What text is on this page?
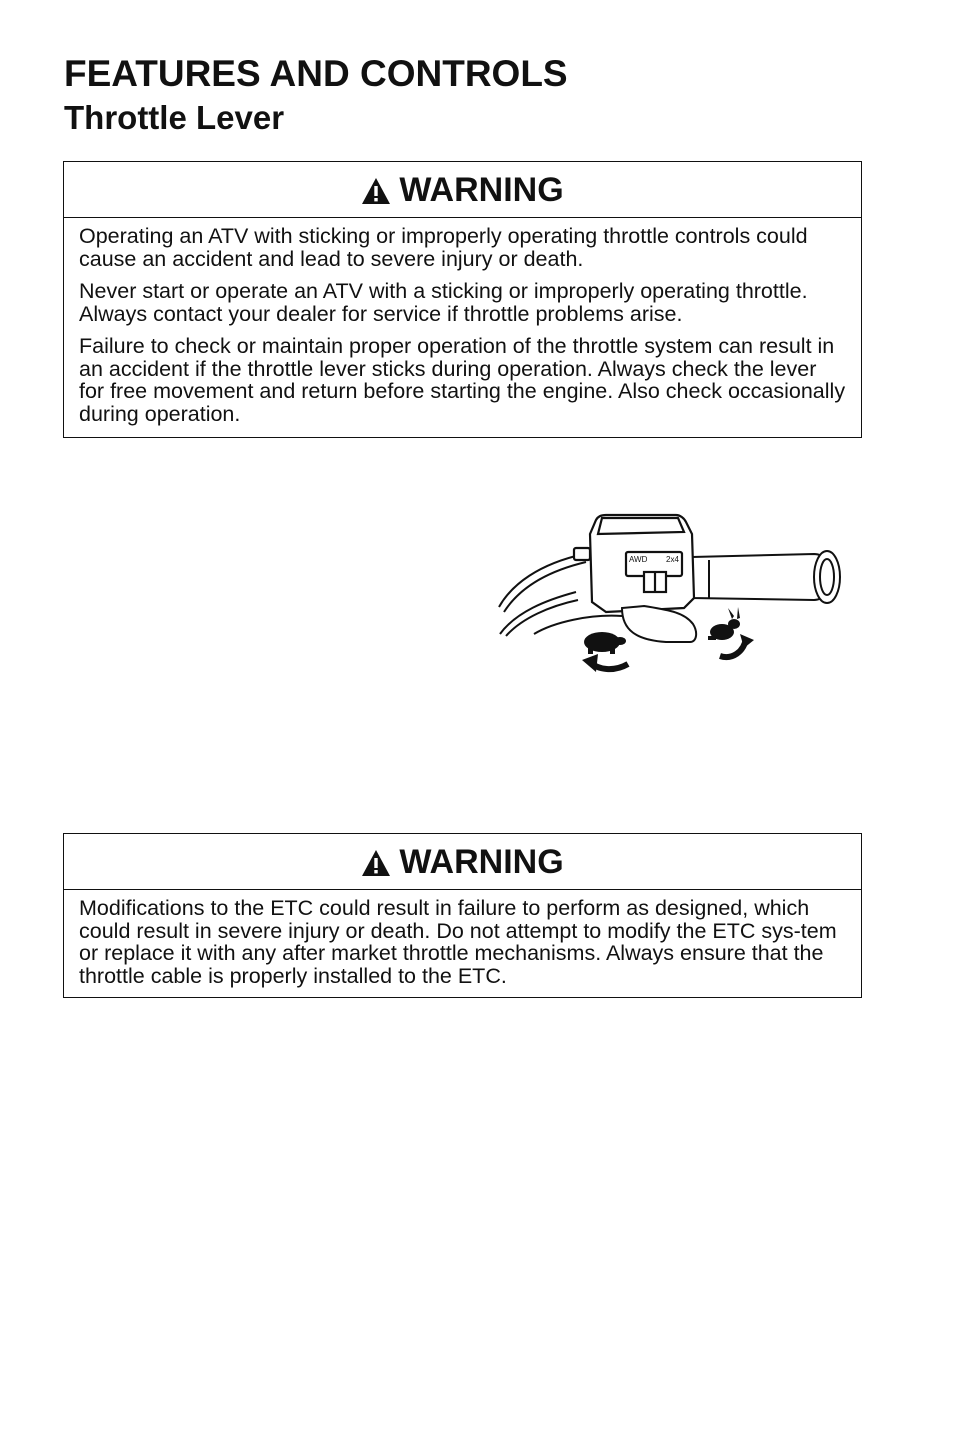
FEATURES AND CONTROLS
Throttle Lever
WARNING

Operating an ATV with sticking or improperly operating throttle controls could cause an accident and lead to severe injury or death.

Never start or operate an ATV with a sticking or improperly operating throttle. Always contact your dealer for service if throttle problems arise.

Failure to check or maintain proper operation of the throttle system can result in an accident if the throttle lever sticks during operation. Always check the lever for free movement and return before starting the engine. Also check occasionally during operation.

AWD 2x4
WARNING

Modifications to the ETC could result in failure to perform as designed, which could result in severe injury or death. Do not attempt to modify the ETC sys-tem or replace it with any after market throttle mechanisms. Always ensure that the throttle cable is properly installed to the ETC.
